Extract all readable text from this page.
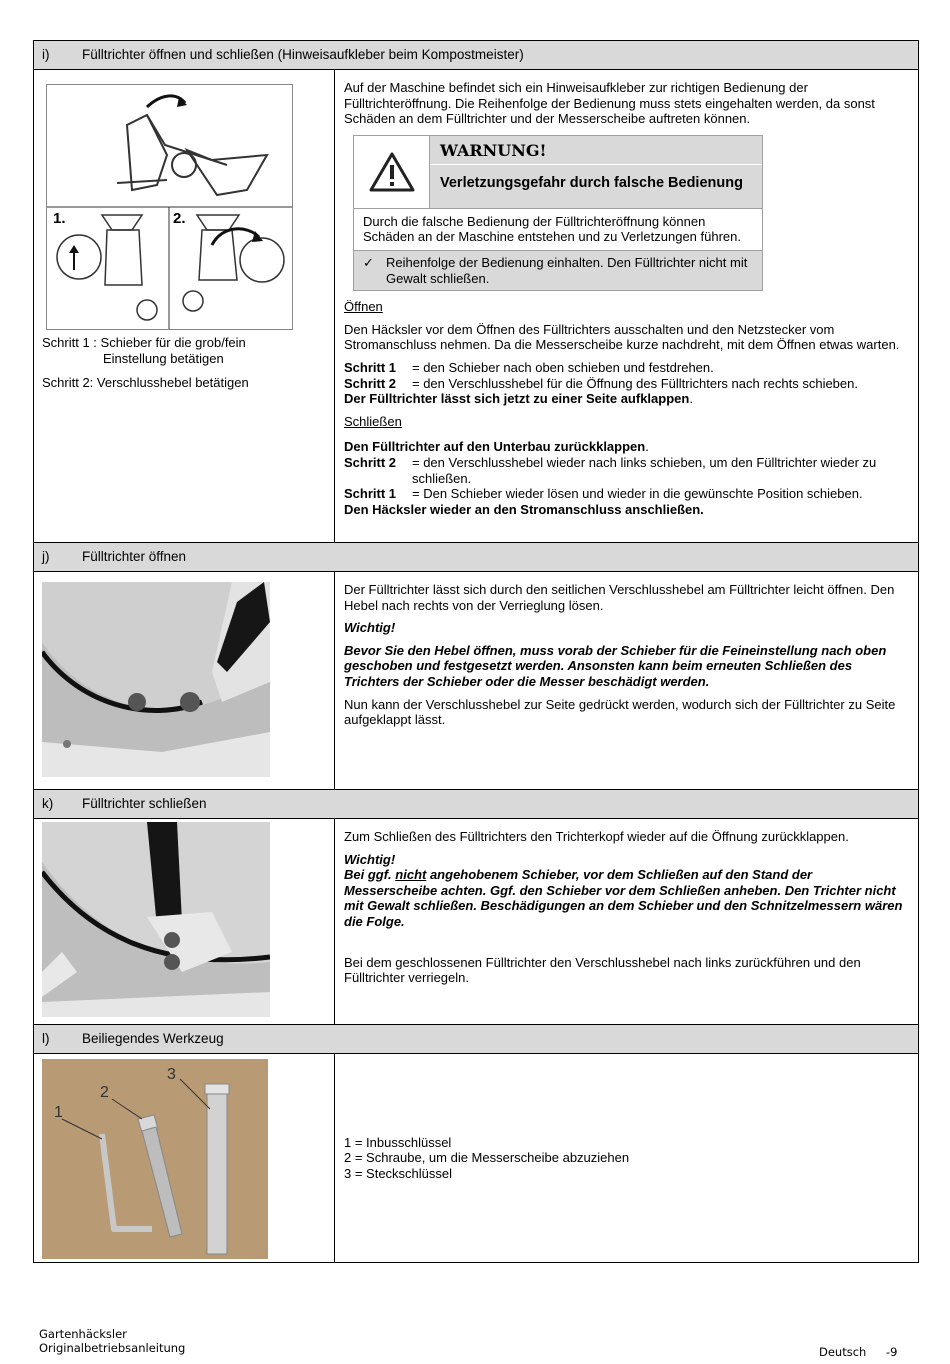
i)	Fülltrichter öffnen und schließen (Hinweisaufkleber beim Kompostmeister)
1.	2.
Schritt 1 : Schieber für die grob/fein
Einstellung betätigen
Schritt 2: Verschlusshebel betätigen

Auf der Maschine befindet sich ein Hinweisaufkleber zur richtigen Bedienung der Fülltrichteröffnung. Die Reihenfolge der Bedienung muss stets eingehalten werden, da sonst Schäden an dem Fülltrichter und der Messerscheibe auftreten können.

WARNUNG!
Verletzungsgefahr durch falsche Bedienung
Durch die falsche Bedienung der Fülltrichteröffnung können Schäden an der Maschine entstehen und zu Verletzungen führen.
✓ Reihenfolge der Bedienung einhalten. Den Fülltrichter nicht mit Gewalt schließen.

Öffnen

Den Häcksler vor dem Öffnen des Fülltrichters ausschalten und den Netzstecker vom Stromanschluss nehmen. Da die Messerscheibe kurze nachdreht, mit dem Öffnen etwas warten.

Schritt 1	= den Schieber nach oben schieben und festdrehen.
Schritt 2	= den Verschlusshebel für die Öffnung des Fülltrichters nach rechts schieben.
Der Fülltrichter lässt sich jetzt zu einer Seite aufklappen.

Schließen

Den Fülltrichter auf den Unterbau zurückklappen.
Schritt 2	= den Verschlusshebel wieder nach links schieben, um den Fülltrichter wieder zu schließen.
Schritt 1	= Den Schieber wieder lösen und wieder in die gewünschte Position schieben.
Den Häcksler wieder an den Stromanschluss anschließen.
j)	Fülltrichter öffnen

Der Fülltrichter lässt sich durch den seitlichen Verschlusshebel am Fülltrichter leicht öffnen. Den Hebel nach rechts von der Verrieglung lösen.

Wichtig!

Bevor Sie den Hebel öffnen, muss vorab der Schieber für die Feineinstellung nach oben geschoben und festgesetzt werden. Ansonsten kann beim erneuten Schließen des Trichters der Schieber oder die Messer beschädigt werden.

Nun kann der Verschlusshebel zur Seite gedrückt werden, wodurch sich der Fülltrichter zu Seite aufgeklappt lässt.

k)	Fülltrichter schließen

Zum Schließen des Fülltrichters den Trichterkopf wieder auf die Öffnung zurückklappen.

Wichtig!

Bei ggf. nicht angehobenem Schieber, vor dem Schließen auf den Stand der Messerscheibe achten. Ggf. den Schieber vor dem Schließen anheben. Den Trichter nicht mit Gewalt schließen. Beschädigungen an dem Schieber und den Schnitzelmessern wären die Folge.

Bei dem geschlossenen Fülltrichter den Verschlusshebel nach links zurückführen und den Fülltrichter verriegeln.

l)	Beiliegendes Werkzeug
1
2
3
1 = Inbusschlüssel
2 = Schraube, um die Messerscheibe abzuziehen
3 = Steckschlüssel
Gartenhäcksler
Originalbetriebsanleitung	Deutsch -9
